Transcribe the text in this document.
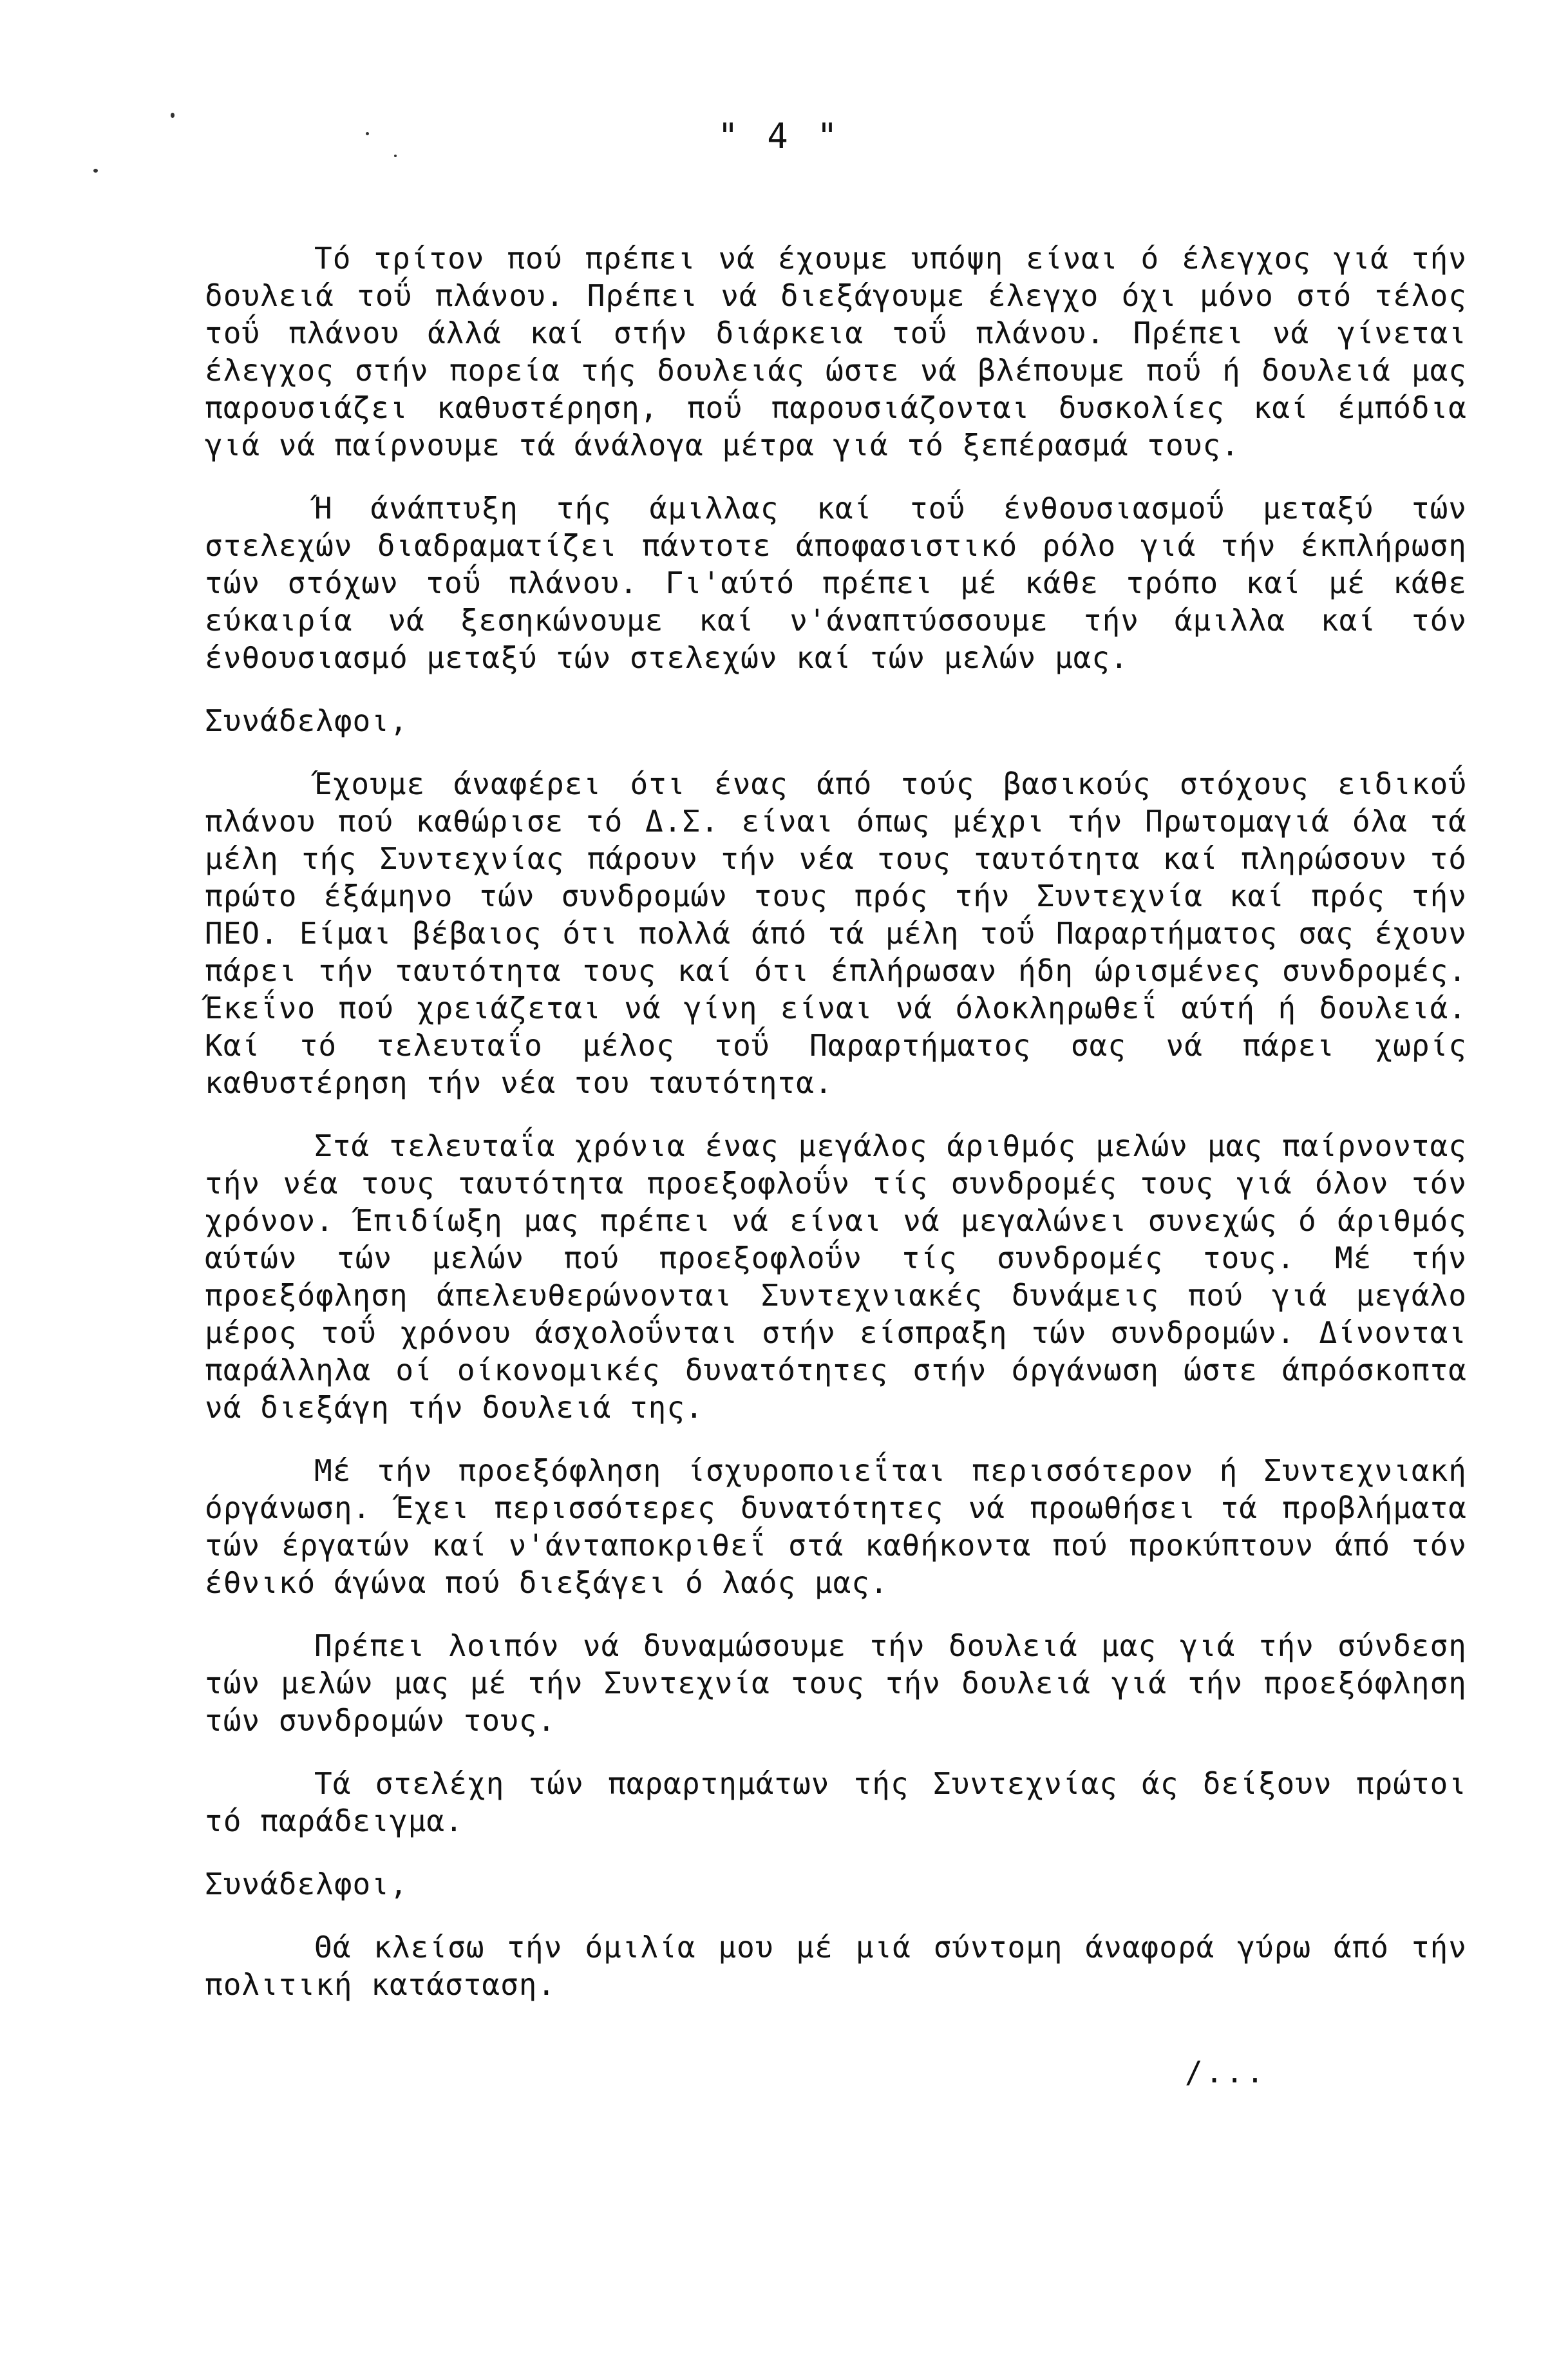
" 4 "

Τό τρίτον πού πρέπει νά έχουμε υπόψη είναι ό έλεγχος γιά τήν δουλειά τοΰ πλάνου. Πρέπει νά διεξάγουμε έλεγχο όχι μόνο στό τέλος τοΰ πλάνου άλλά καί στήν διάρκεια τοΰ πλάνου. Πρέπει νά γίνεται έλεγχος στήν πορεία τής δουλειάς ώστε νά βλέπουμε ποΰ ή δουλειά μας παρουσιάζει καθυστέρηση, ποΰ παρουσιάζονται δυσκολίες καί έμπόδια γιά νά παίρνουμε τά άνάλογα μέτρα γιά τό ξεπέρασμά τους.

Ή άνάπτυξη τής άμιλλας καί τοΰ ένθουσιασμοΰ μεταξύ τών στελεχών διαδραματίζει πάντοτε άποφασιστικό ρόλο γιά τήν έκπλήρωση τών στόχων τοΰ πλάνου. Γι'αύτό πρέπει μέ κάθε τρόπο καί μέ κάθε εύκαιρία νά ξεσηκώνουμε καί ν'άναπτύσσουμε τήν άμιλλα καί τόν ένθουσιασμό μεταξύ τών στελεχών καί τών μελών μας.

Συνάδελφοι,

Έχουμε άναφέρει ότι ένας άπό τούς βασικούς στόχους ειδικοΰ πλάνου πού καθώρισε τό Δ.Σ. είναι όπως μέχρι τήν Πρωτομαγιά όλα τά μέλη τής Συντεχνίας πάρουν τήν νέα τους ταυτότητα καί πληρώσουν τό πρώτο έξάμηνο τών συνδρομών τους πρός τήν Συντεχνία καί πρός τήν ΠΕΟ. Είμαι βέβαιος ότι πολλά άπό τά μέλη τοΰ Παραρτήματος σας έχουν πάρει τήν ταυτότητα τους καί ότι έπλήρωσαν ήδη ώρισμένες συνδρομές. Έκεΐνο πού χρειάζεται νά γίνη είναι νά όλοκληρωθεΐ αύτή ή δουλειά. Καί τό τελευταΐο μέλος τοΰ Παραρτήματος σας νά πάρει χωρίς καθυστέρηση τήν νέα του ταυτότητα.

Στά τελευταΐα χρόνια ένας μεγάλος άριθμός μελών μας παίρνοντας τήν νέα τους ταυτότητα προεξοφλοΰν τίς συνδρομές τους γιά όλον τόν χρόνον. Έπιδίωξη μας πρέπει νά είναι νά μεγαλώνει συνεχώς ό άριθμός αύτών τών μελών πού προεξοφλοΰν τίς συνδρομές τους. Μέ τήν προεξόφληση άπελευθερώνονται Συντεχνιακές δυνάμεις πού γιά μεγάλο μέρος τοΰ χρόνου άσχολοΰνται στήν είσπραξη τών συνδρομών. Δίνονται παράλληλα οί οίκονομικές δυνατότητες στήν όργάνωση ώστε άπρόσκοπτα νά διεξάγη τήν δουλειά της.

Μέ τήν προεξόφληση ίσχυροποιεΐται περισσότερον ή Συντεχνιακή όργάνωση. Έχει περισσότερες δυνατότητες νά προωθήσει τά προβλήματα τών έργατών καί ν'άνταποκριθεΐ στά καθήκοντα πού προκύπτουν άπό τόν έθνικό άγώνα πού διεξάγει ό λαός μας.

Πρέπει λοιπόν νά δυναμώσουμε τήν δουλειά μας γιά τήν σύνδεση τών μελών μας μέ τήν Συντεχνία τους τήν δουλειά γιά τήν προεξόφληση τών συνδρομών τους.

Τά στελέχη τών παραρτημάτων τής Συντεχνίας άς δείξουν πρώτοι τό παράδειγμα.

Συνάδελφοι,

Θά κλείσω τήν όμιλία μου μέ μιά σύντομη άναφορά γύρω άπό τήν πολιτική κατάσταση.

/...
